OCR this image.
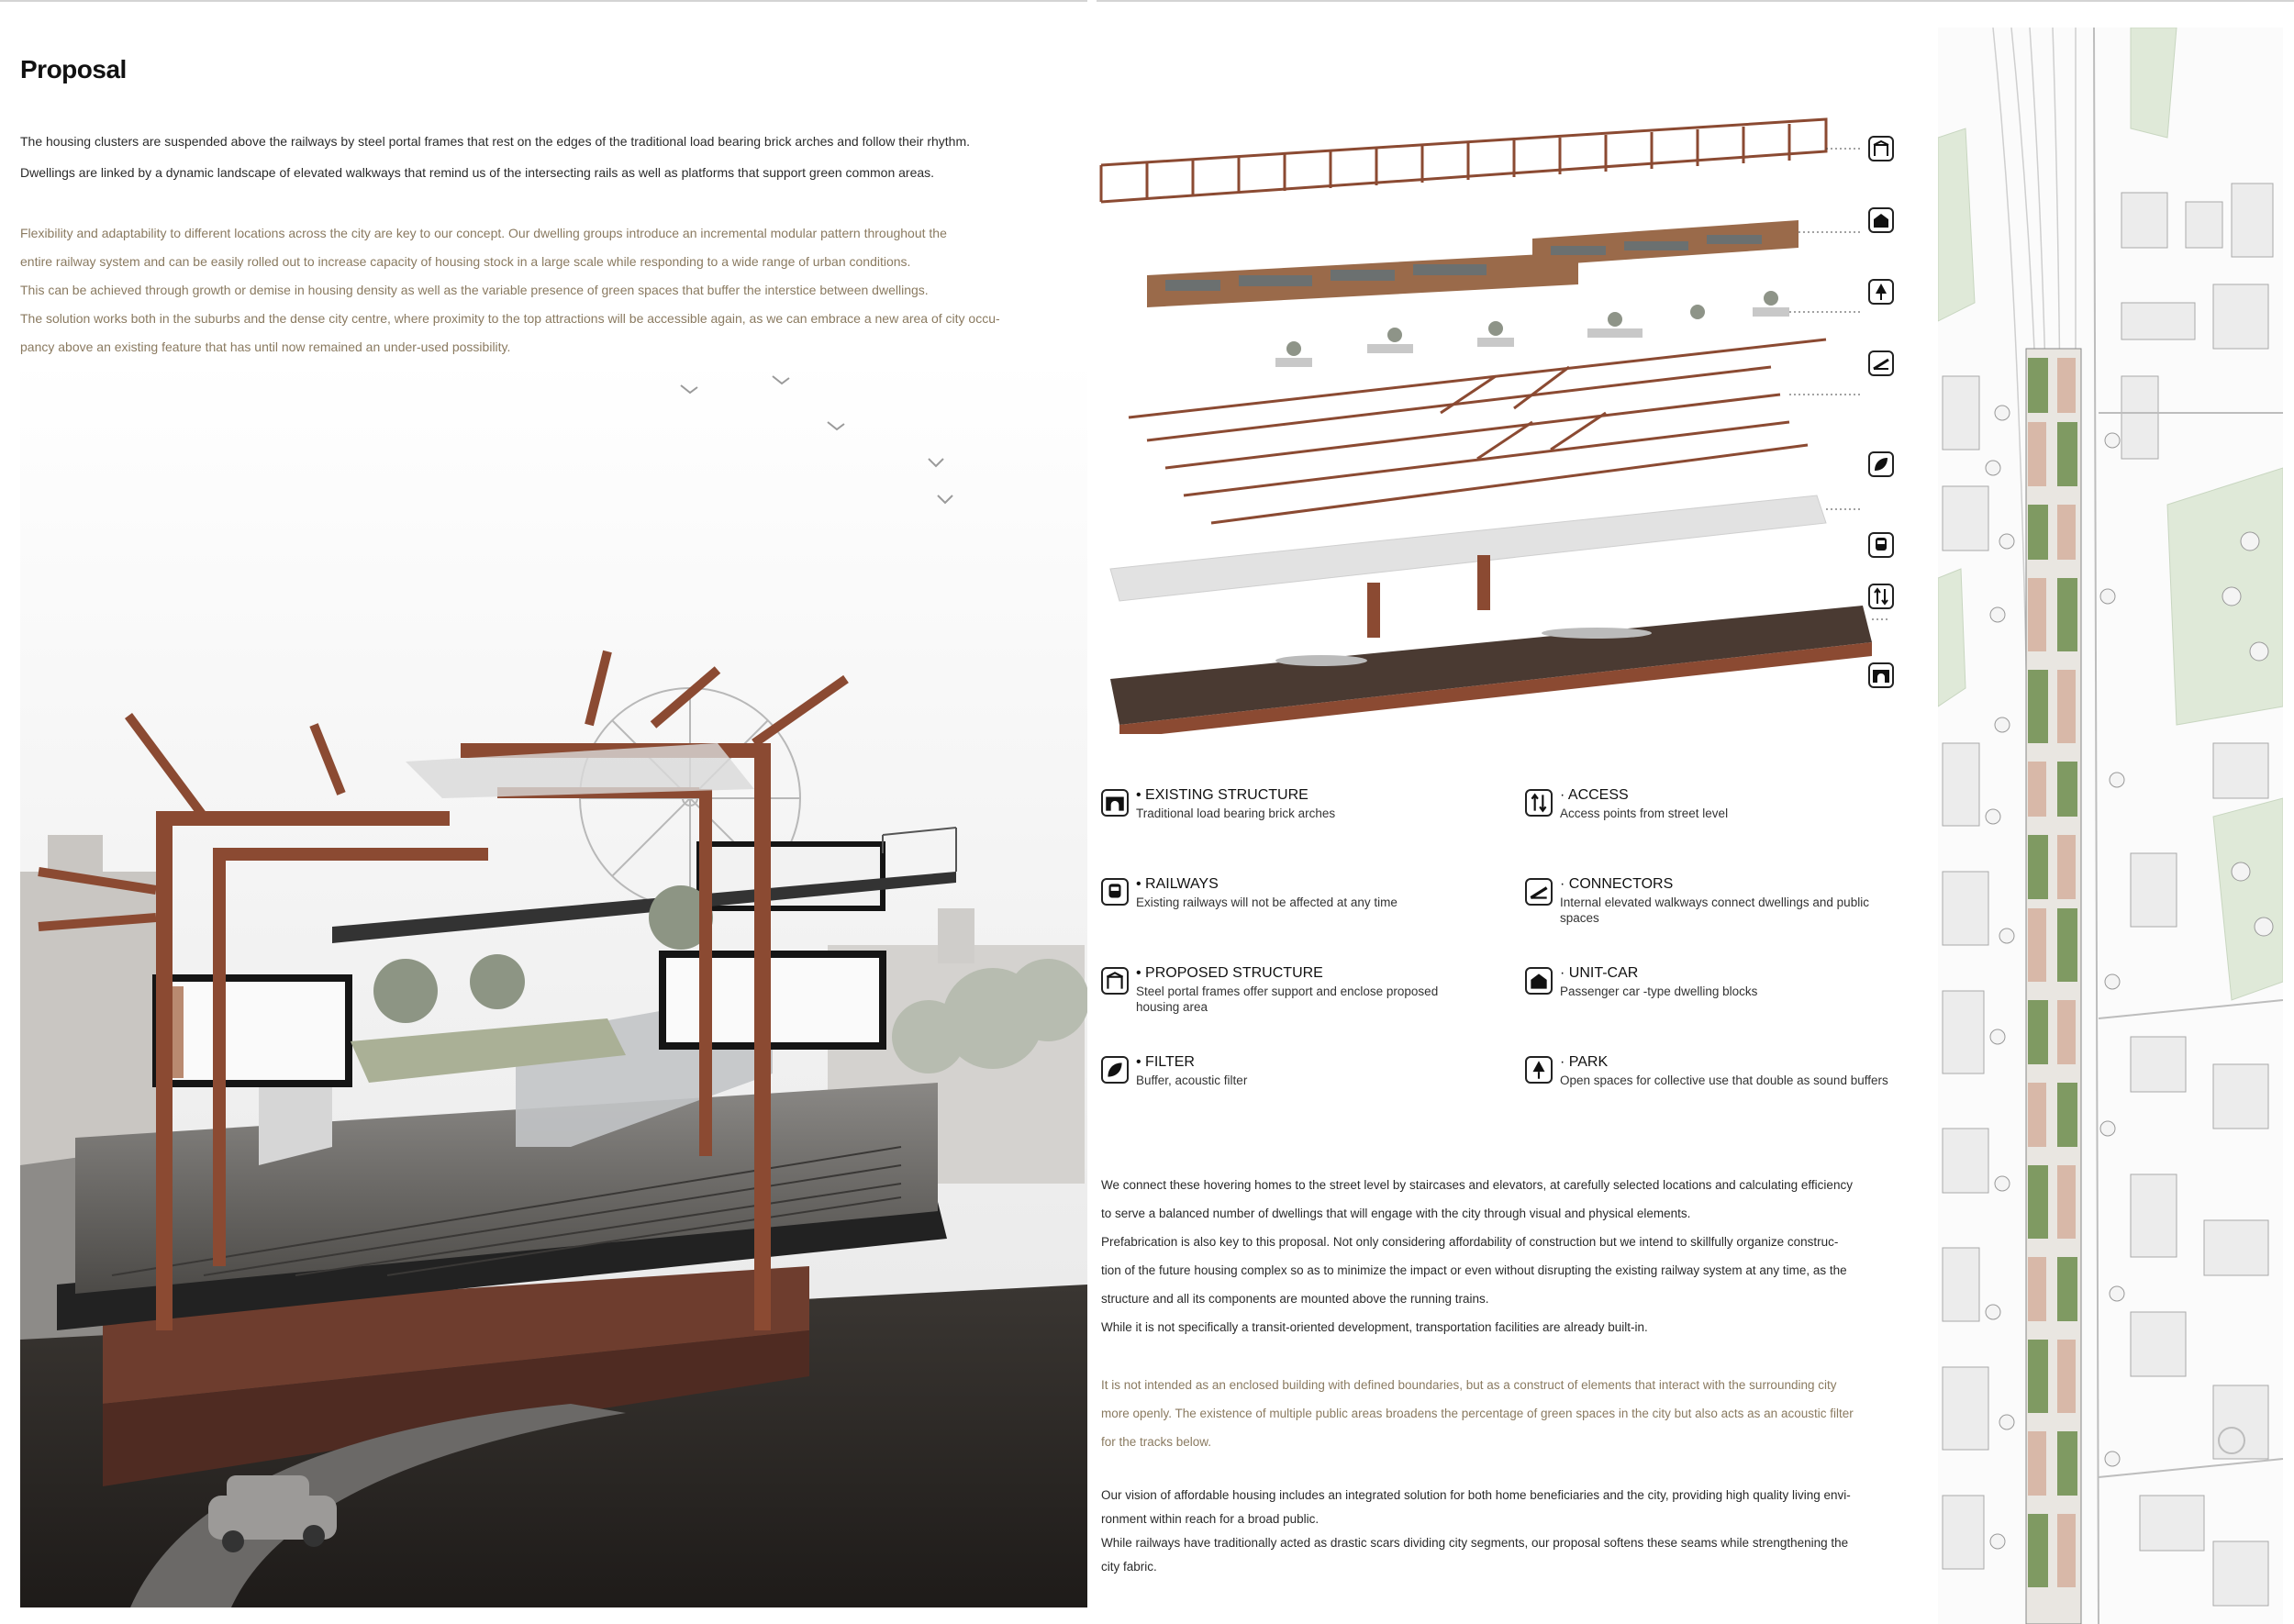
Proposal
The housing clusters are suspended above the railways by steel portal frames that rest on the edges of the traditional load bearing brick arches and follow their rhythm.
Dwellings are linked by a dynamic landscape of elevated walkways that remind us of the intersecting rails as well as platforms that support green common areas.
Flexibility and adaptability to different locations across the city are key to our concept. Our dwelling groups introduce an incremental modular pattern throughout the
entire railway system and can be easily rolled out to increase capacity of housing stock in a large scale while responding to a wide range of urban conditions.
This can be achieved through growth or demise in housing density as well as the variable presence of green spaces that buffer the interstice between dwellings.
The solution works both in the suburbs and the dense city centre, where proximity to the top attractions will be accessible again, as we can embrace a new area of city occu-
pancy above an existing feature that has until now remained an under-used possibility.
• EXISTING STRUCTURE
Traditional load bearing brick arches
· ACCESS
Access points from street level
• RAILWAYS
Existing railways will not be affected at any time
· CONNECTORS
Internal elevated walkways connect dwellings and public spaces
• PROPOSED STRUCTURE
Steel portal frames offer support and enclose proposed housing area
· UNIT-CAR
Passenger car -type dwelling blocks
• FILTER
Buffer, acoustic filter
· PARK
Open spaces for collective use that double as sound buffers
We connect these hovering homes to the street level by staircases and elevators, at carefully selected locations and calculating efficiency
to serve a balanced number of dwellings that will engage with the city through visual and physical elements.
Prefabrication is also key to this proposal. Not only considering affordability of construction but we intend to skillfully organize construc-
tion of the future housing complex so as to minimize the impact or even without disrupting the existing railway system at any time, as the
structure and all its components are mounted above the running trains.
While it is not specifically a transit-oriented development, transportation facilities are already built-in.
It is not intended as an enclosed building with defined boundaries, but as a construct of elements that interact with the surrounding city
more openly. The existence of multiple public areas broadens the percentage of green spaces in the city but also acts as an acoustic filter
for the tracks below.
Our vision of affordable housing includes an integrated solution for both home beneficiaries and the city, providing high quality living envi-
ronment within reach for a broad public.
While railways have traditionally acted as drastic scars dividing city segments, our proposal softens these seams while strengthening the
city fabric.
